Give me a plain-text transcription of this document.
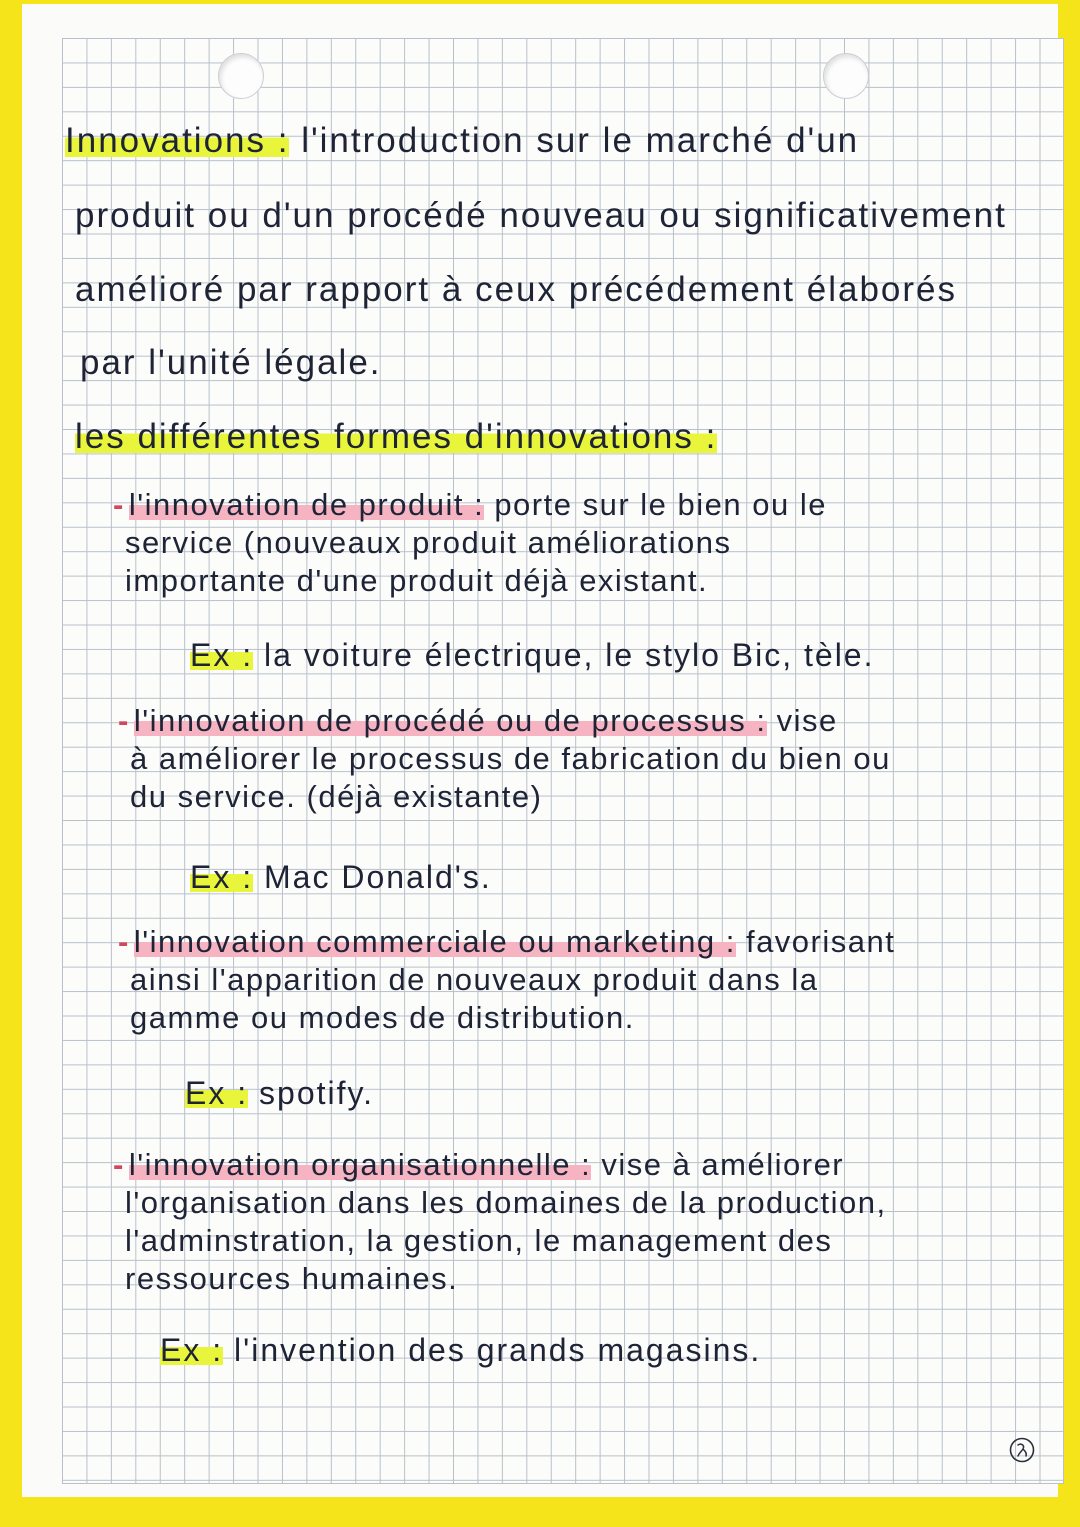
Innovations : l'introduction sur le marché d'un
produit ou d'un procédé nouveau ou significativement
amélioré par rapport à ceux précédement élaborés
par l'unité légale.
les différentes formes d'innovations :
- l'innovation de produit : porte sur le bien ou le
service (nouveaux produit améliorations
importante d'une produit déjà existant.
Ex : la voiture électrique, le stylo Bic, tèle.
- l'innovation de procédé ou de processus : vise
à améliorer le processus de fabrication du bien ou
du service. (déjà existante)
Ex : Mac Donald's.
- l'innovation commerciale ou marketing : favorisant
ainsi l'apparition de nouveaux produit dans la
gamme ou modes de distribution.
Ex : spotify.
- l'innovation organisationnelle : vise à améliorer
l'organisation dans les domaines de la production,
l'adminstration, la gestion, le management des
ressources humaines.
Ex : l'invention des grands magasins.
